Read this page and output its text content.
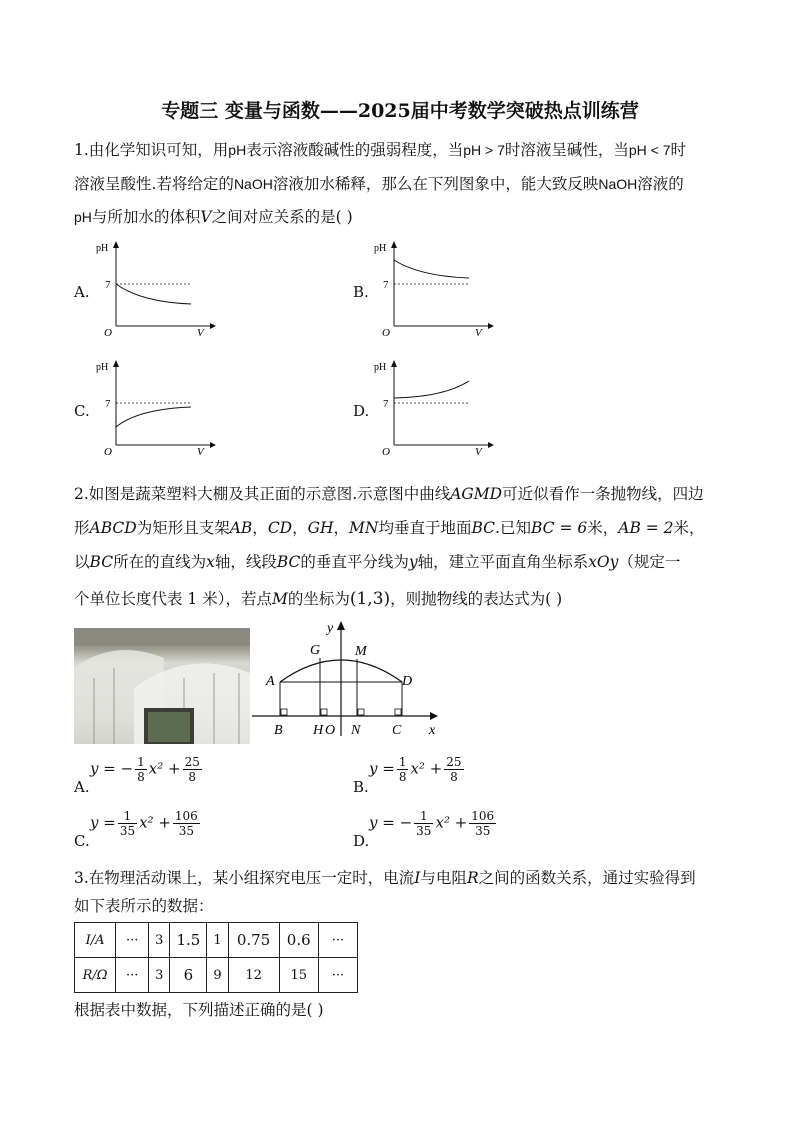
专题三 变量与函数——2025届中考数学突破热点训练营
1.由化学知识可知，用pH表示溶液酸碱性的强弱程度，当pH > 7时溶液呈碱性，当pH < 7时
溶液呈酸性.若将给定的NaOH溶液加水稀释，那么在下列图象中，能大致反映NaOH溶液的
pH与所加水的体积V之间对应关系的是( )
A.	B.
C.	D.
pH
7
O	V
pH
7
O	V
pH
7
O	V
pH
7
O	V
2.如图是蔬菜塑料大棚及其正面的示意图.示意图中曲线AGMD可近似看作一条抛物线，四边
形ABCD为矩形且支架AB，CD，GH，MN均垂直于地面BC.已知BC = 6米，AB = 2米，
以BC所在的直线为x轴，线段BC的垂直平分线为y轴，建立平面直角坐标系xOy（规定一
个单位长度代表 1 米），若点M的坐标为(1,3)，则抛物线的表达式为( )
y
G M
A	D
B H O N C x
A.
y = − $\frac{1}{8} x^2 + \frac{25}{8}$
B.
$y = \frac{1}{8} x^2 + \frac{25}{8}$
C.
$y = \frac{1}{35} x^2 + \frac{106}{35}$
D.
y = − $\frac{1}{35} x^2 + \frac{106}{35}$
3.在物理活动课上，某小组探究电压一定时，电流I与电阻R之间的函数关系，通过实验得到
如下表所示的数据：
I/A	···	3	1.5	1	0.75	0.6	···
R/Ω	···	3	6	9	12	15	···
根据表中数据，下列描述正确的是( )
